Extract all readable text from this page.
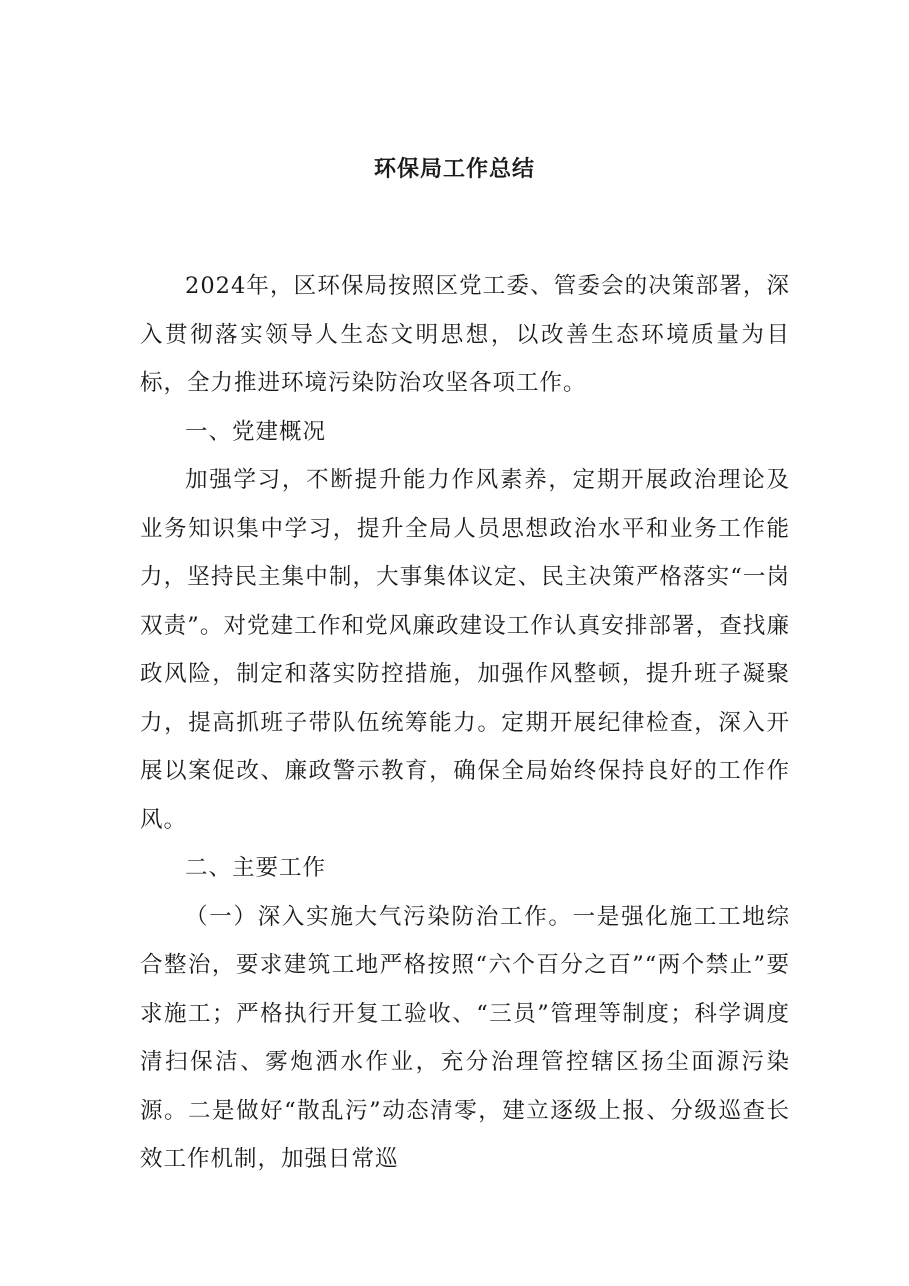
环保局工作总结

2024年，区环保局按照区党工委、管委会的决策部署，深入贯彻落实领导人生态文明思想，以改善生态环境质量为目标，全力推进环境污染防治攻坚各项工作。

一、党建概况

加强学习，不断提升能力作风素养，定期开展政治理论及业务知识集中学习，提升全局人员思想政治水平和业务工作能力，坚持民主集中制，大事集体议定、民主决策严格落实“一岗双责”。对党建工作和党风廉政建设工作认真安排部署，查找廉政风险，制定和落实防控措施，加强作风整顿，提升班子凝聚力，提高抓班子带队伍统筹能力。定期开展纪律检查，深入开展以案促改、廉政警示教育，确保全局始终保持良好的工作作风。

二、主要工作

（一）深入实施大气污染防治工作。一是强化施工工地综合整治，要求建筑工地严格按照“六个百分之百”“两个禁止”要求施工；严格执行开复工验收、“三员”管理等制度；科学调度清扫保洁、雾炮洒水作业，充分治理管控辖区扬尘面源污染源。二是做好“散乱污”动态清零，建立逐级上报、分级巡查长效工作机制，加强日常巡
